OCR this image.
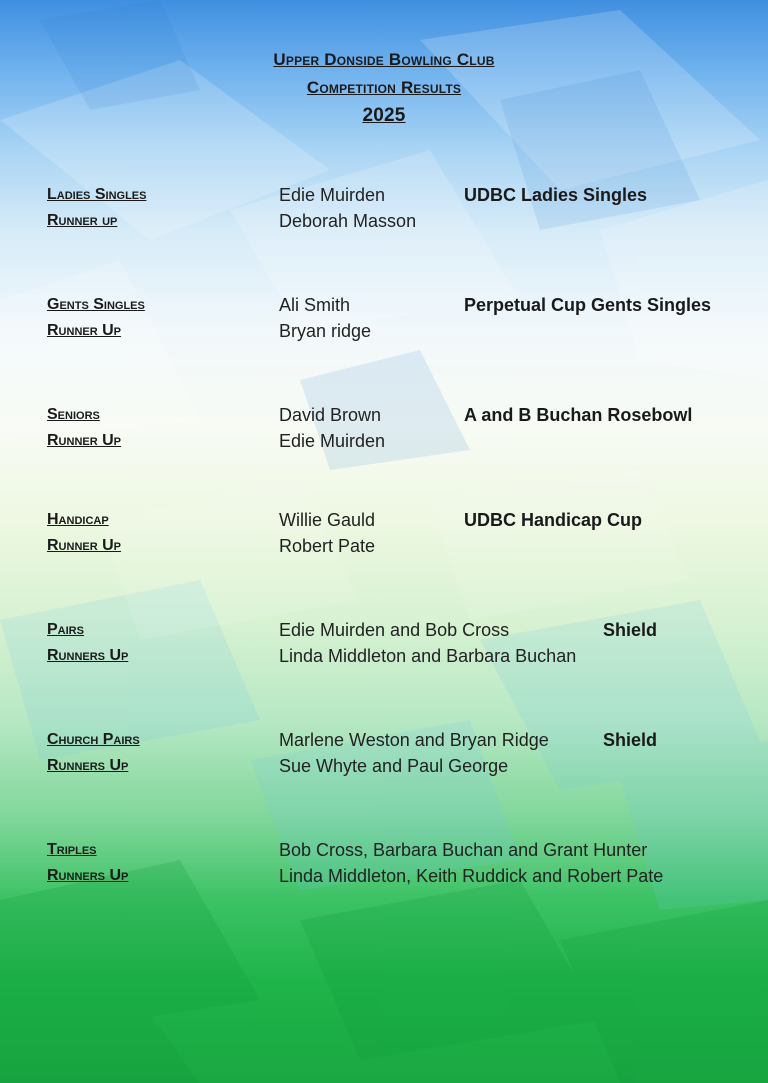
Upper Donside Bowling Club
Competition Results
2025
Ladies Singles	Edie Muirden	UDBC Ladies Singles
Runner up	Deborah Masson
Gents Singles	Ali Smith	Perpetual Cup Gents Singles
Runner Up	Bryan ridge
Seniors	David Brown	A and B Buchan Rosebowl
Runner Up	Edie Muirden
Handicap	Willie Gauld	UDBC Handicap Cup
Runner Up	Robert Pate
Pairs	Edie Muirden and Bob Cross	Shield
Runners Up	Linda Middleton and Barbara Buchan
Church Pairs	Marlene Weston and Bryan Ridge	Shield
Runners Up	Sue Whyte and Paul George
Triples	Bob Cross, Barbara Buchan and Grant Hunter
Runners Up	Linda Middleton, Keith Ruddick and Robert Pate
